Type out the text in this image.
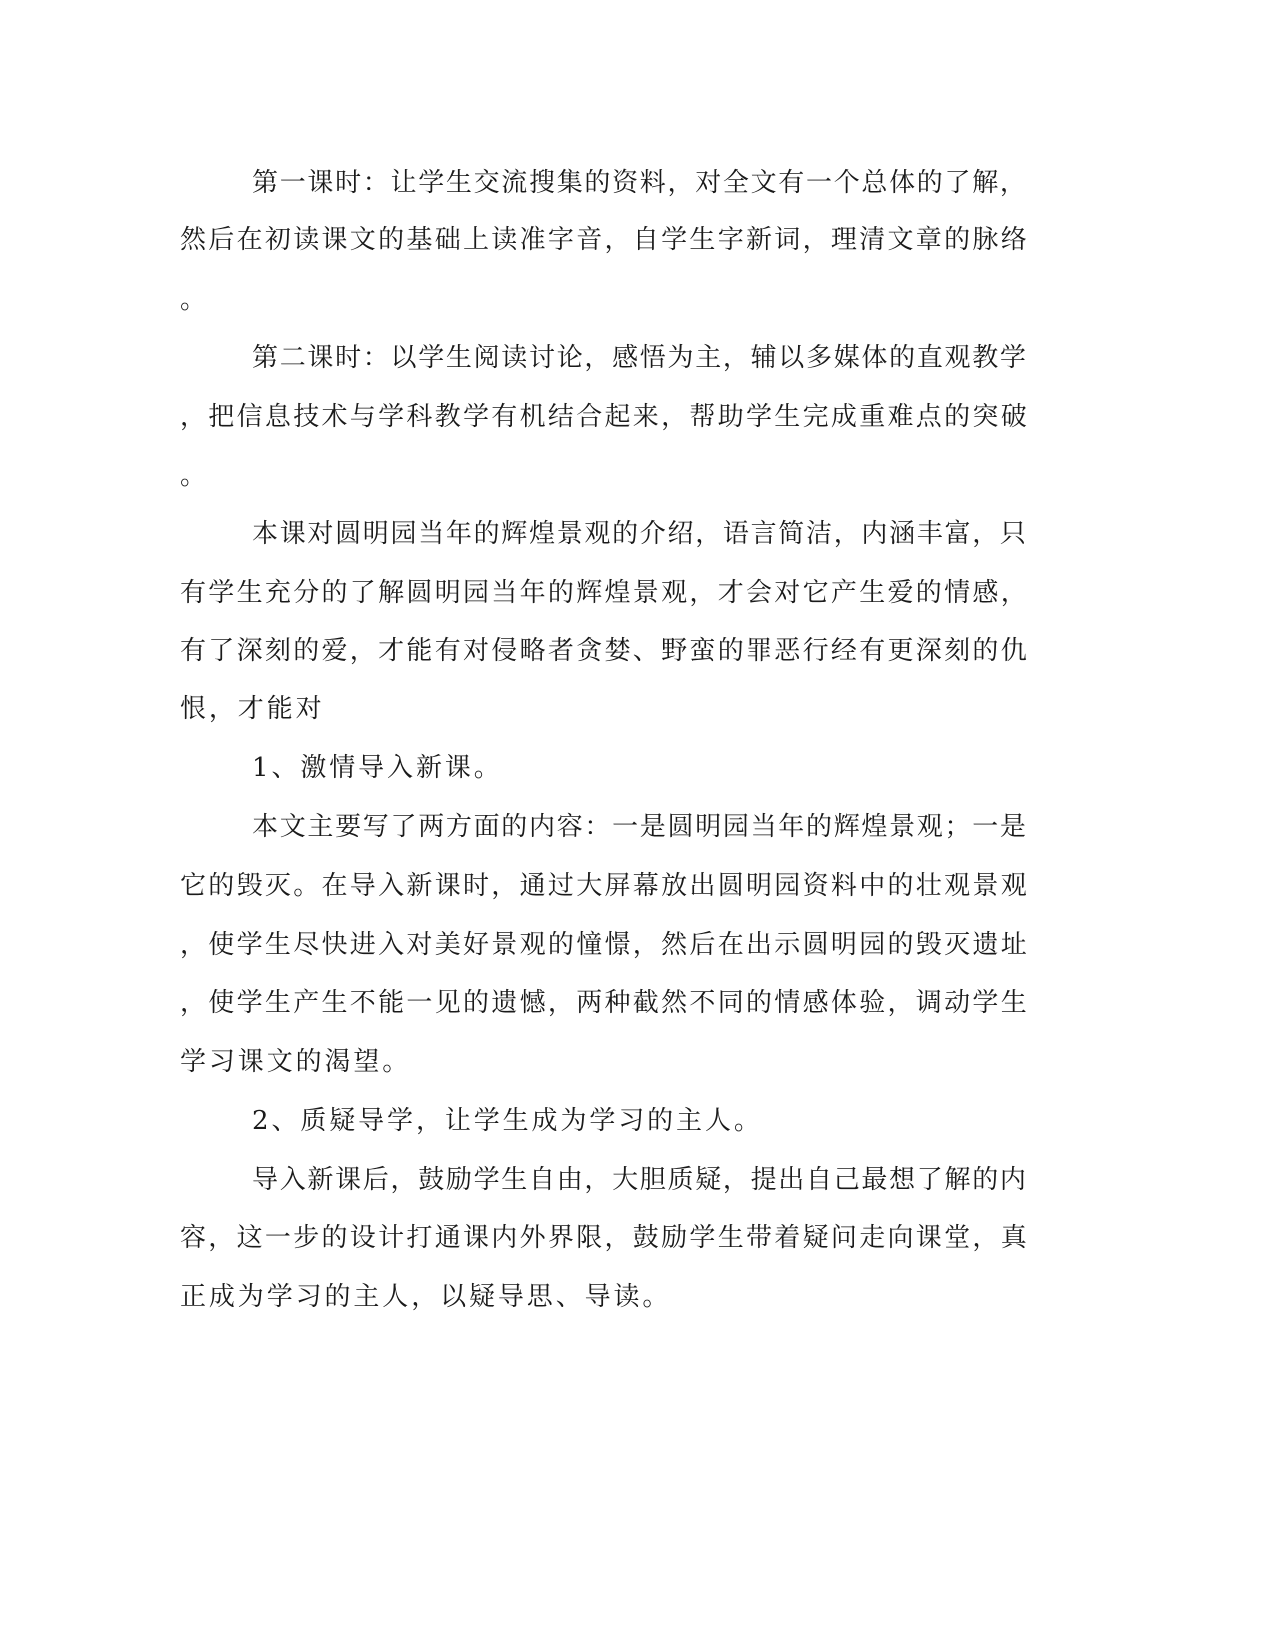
第一课时：让学生交流搜集的资料，对全文有一个总体的了解，

然后在初读课文的基础上读准字音，自学生字新词，理清文章的脉络

。

第二课时：以学生阅读讨论，感悟为主，辅以多媒体的直观教学

，把信息技术与学科教学有机结合起来，帮助学生完成重难点的突破

。

本课对圆明园当年的辉煌景观的介绍，语言简洁，内涵丰富，只

有学生充分的了解圆明园当年的辉煌景观，才会对它产生爱的情感，

有了深刻的爱，才能有对侵略者贪婪、野蛮的罪恶行经有更深刻的仇

恨，才能对

1、激情导入新课。

本文主要写了两方面的内容：一是圆明园当年的辉煌景观；一是

它的毁灭。在导入新课时，通过大屏幕放出圆明园资料中的壮观景观

，使学生尽快进入对美好景观的憧憬，然后在出示圆明园的毁灭遗址

，使学生产生不能一见的遗憾，两种截然不同的情感体验，调动学生

学习课文的渴望。

2、质疑导学，让学生成为学习的主人。

导入新课后，鼓励学生自由，大胆质疑，提出自己最想了解的内

容，这一步的设计打通课内外界限，鼓励学生带着疑问走向课堂，真

正成为学习的主人，以疑导思、导读。
